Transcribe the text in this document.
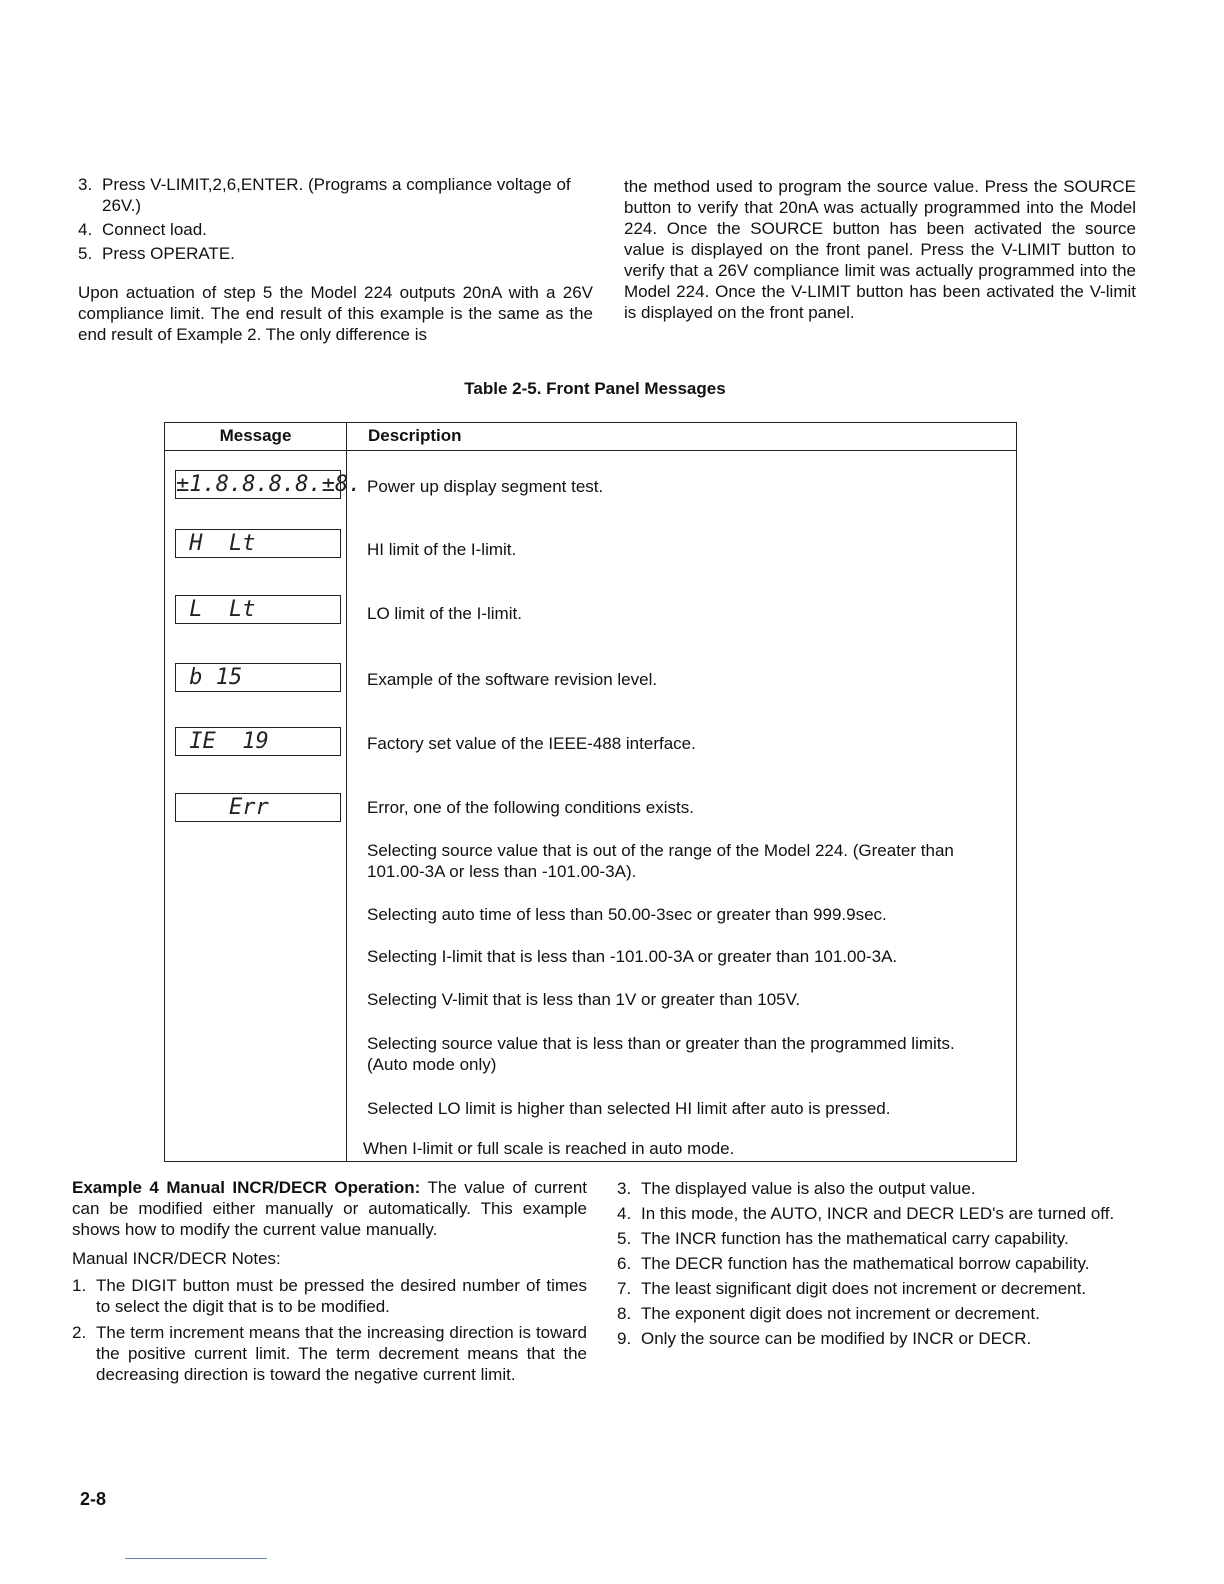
3. Press V-LIMIT,2,6,ENTER. (Programs a compliance voltage of 26V.)
4. Connect load.
5. Press OPERATE.

Upon actuation of step 5 the Model 224 outputs 20nA with a 26V compliance limit. The end result of this example is the same as the end result of Example 2. The only difference is

the method used to program the source value. Press the SOURCE button to verify that 20nA was actually programmed into the Model 224. Once the SOURCE button has been activated the source value is displayed on the front panel. Press the V-LIMIT button to verify that a 26V compliance limit was actually programmed into the Model 224. Once the V-LIMIT button has been activated the V-limit is displayed on the front panel.

Table 2-5. Front Panel Messages
Message	Description
±1.8.8.8.8.±8. Power up display segment test.
H  Lt	HI limit of the I-limit.
L  Lt	LO limit of the I-limit.
b 15	Example of the software revision level.
IE  19	Factory set value of the IEEE-488 interface.
Err	Error, one of the following conditions exists.
Selecting source value that is out of the range of the Model 224. (Greater than 101.00-3A or less than -101.00-3A).
Selecting auto time of less than 50.00-3sec or greater than 999.9sec.
Selecting I-limit that is less than -101.00-3A or greater than 101.00-3A.
Selecting V-limit that is less than 1V or greater than 105V.
Selecting source value that is less than or greater than the programmed limits. (Auto mode only)
Selected LO limit is higher than selected HI limit after auto is pressed.
When I-limit or full scale is reached in auto mode.

Example 4 Manual INCR/DECR Operation: The value of current can be modified either manually or automatically. This example shows how to modify the current value manually.

Manual INCR/DECR Notes:

1. The DIGIT button must be pressed the desired number of times to select the digit that is to be modified.
2. The term increment means that the increasing direction is toward the positive current limit. The term decrement means that the decreasing direction is toward the negative current limit.
3. The displayed value is also the output value.
4. In this mode, the AUTO, INCR and DECR LED's are turned off.
5. The INCR function has the mathematical carry capability.
6. The DECR function has the mathematical borrow capability.
7. The least significant digit does not increment or decrement.
8. The exponent digit does not increment or decrement.
9. Only the source can be modified by INCR or DECR.
2-8
